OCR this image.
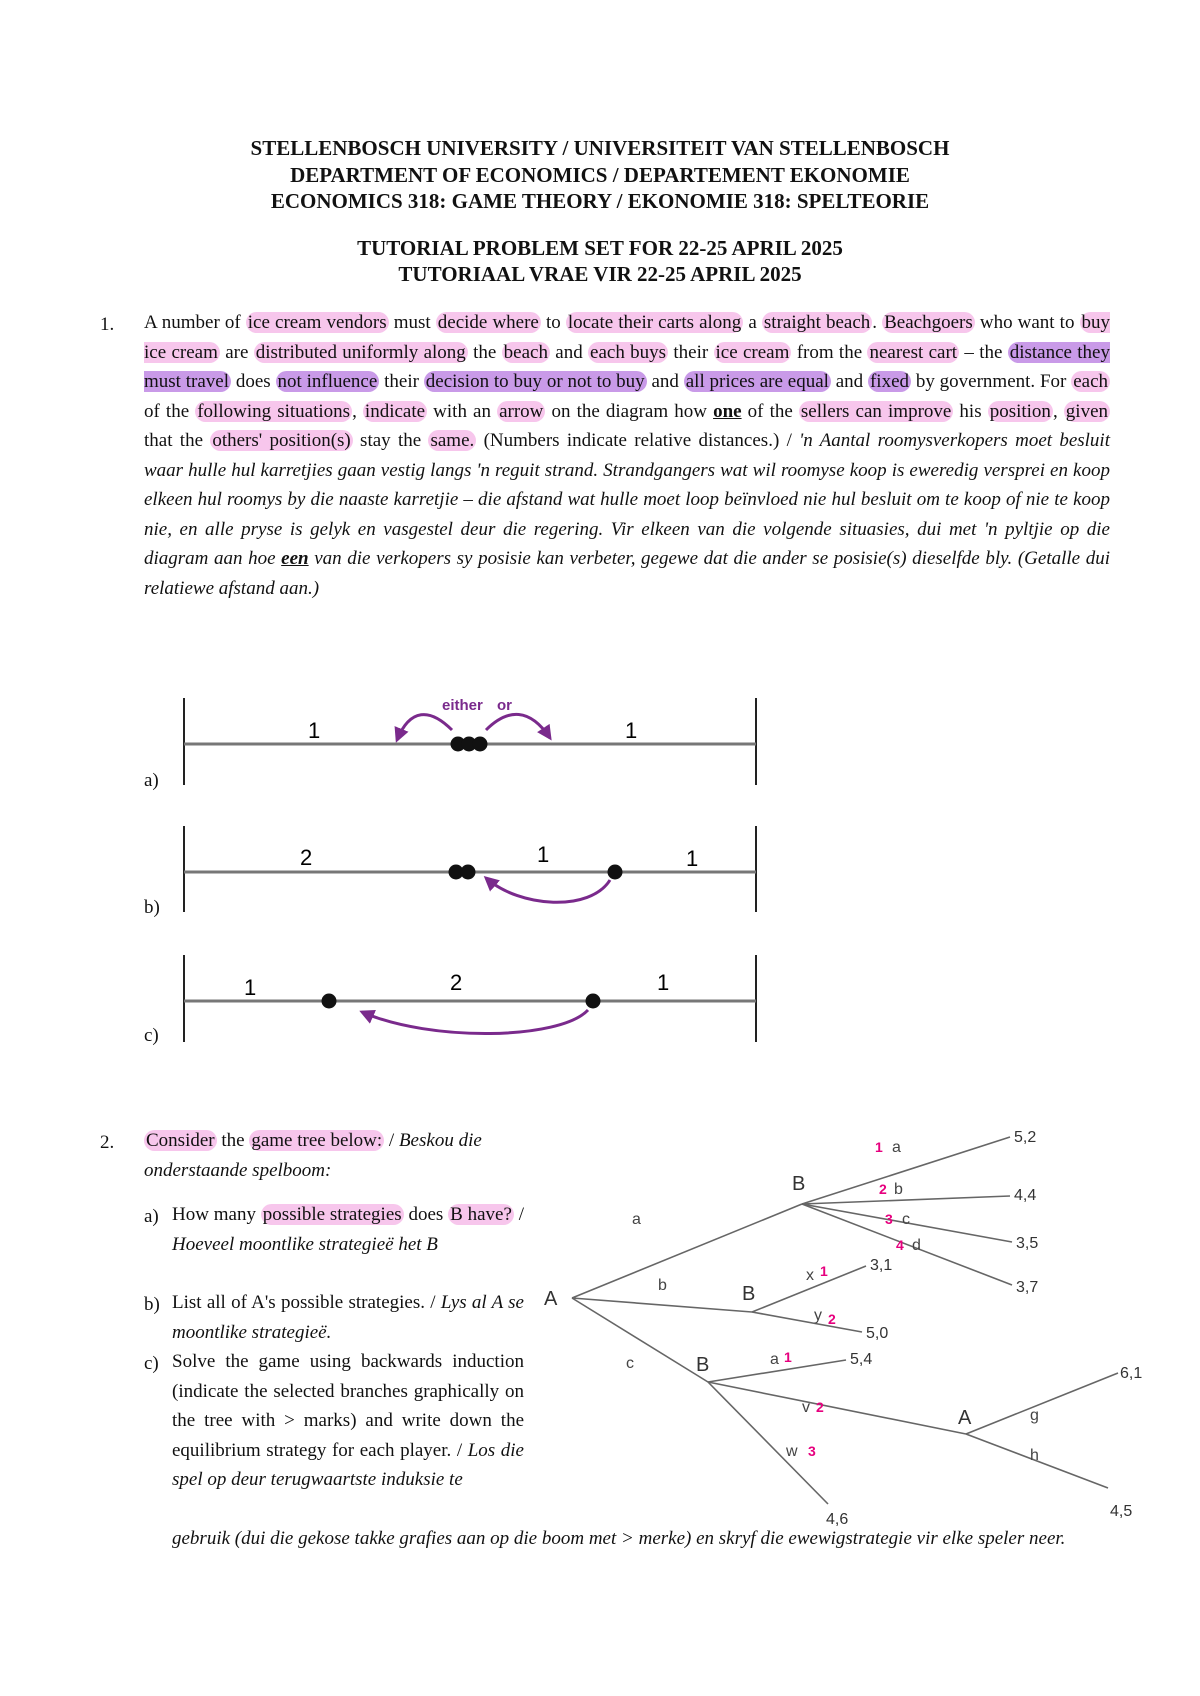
STELLENBOSCH UNIVERSITY / UNIVERSITEIT VAN STELLENBOSCH
DEPARTMENT OF ECONOMICS / DEPARTEMENT EKONOMIE
ECONOMICS 318: GAME THEORY / EKONOMIE 318: SPELTEORIE
TUTORIAL PROBLEM SET FOR 22-25 APRIL 2025
TUTORIAAL VRAE VIR 22-25 APRIL 2025
1. A number of ice cream vendors must decide where to locate their carts along a straight beach . Beachgoers who want to buy ice cream are distributed uniformly along the beach and each buys their ice cream from the nearest cart – the distance they must travel does not influence their decision to buy or not to buy and all prices are equal and fixed by government. For each of the following situations , indicate with an arrow on the diagram how one of the sellers can improve his position , given that the others' position(s) stay the same. (Numbers indicate relative distances.) / 'n Aantal roomysverkopers moet besluit waar hulle hul karretjies gaan vestig langs 'n reguit strand. Strandgangers wat wil roomyse koop is eweredig versprei en koop elkeen hul roomys by die naaste karretjie – die afstand wat hulle moet loop beïnvloed nie hul besluit om te koop of nie te koop nie, en alle pryse is gelyk en vasgestel deur die regering. Vir elkeen van die volgende situasies, dui met 'n pyltjie op die diagram aan hoe een van die verkopers sy posisie kan verbeter, gegewe dat die ander se posisie(s) dieselfde bly. (Getalle dui relatiewe afstand aan.)
1	1
either or
2	1	1
1	2	1
a)
b)
c)
2. Consider the game tree below: / Beskou die onderstaande spelboom:
a) How many possible strategies does B have? / Hoeveel moontlike strategieë het B
b) List all of A's possible strategies. / Lys al A se moontlike strategieë.
c) Solve the game using backwards induction (indicate the selected branches graphically on the tree with > marks) and write down the equilibrium strategy for each player. / Los die spel op deur terugwaartste induksie te
gebruik (dui die gekose takke grafies aan op die boom met > merke) en skryf die ewewigstrategie vir elke speler neer.
A
B
B
B
A
a
b
c
a
b
c
d
x
y
a
v
w
g
h
5,2
4,4
3,5
3,7
3,1
5,0
5,4
4,6
6,1
4,5
1
2
3
4
1
2
1
2
3
